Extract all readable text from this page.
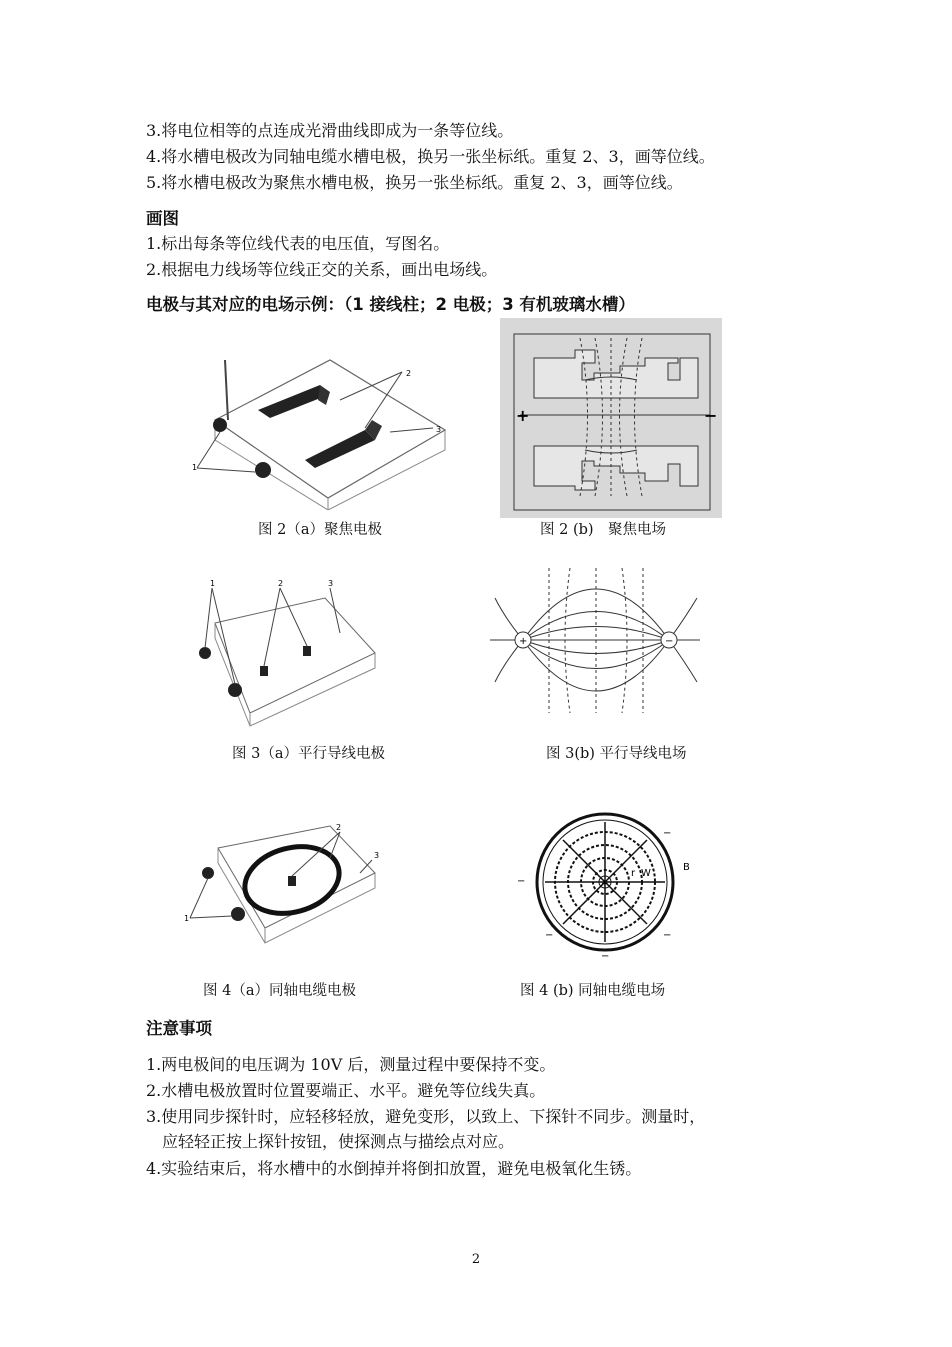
3.将电位相等的点连成光滑曲线即成为一条等位线。
4.将水槽电极改为同轴电缆水槽电极，换另一张坐标纸。重复 2、3，画等位线。
5.将水槽电极改为聚焦水槽电极，换另一张坐标纸。重复 2、3，画等位线。
画图
1.标出每条等位线代表的电压值，写图名。
2.根据电力线场等位线正交的关系，画出电场线。
电极与其对应的电场示例：（1 接线柱；2 电极；3 有机玻璃水槽）
1
2
3
图 2（a）聚焦电极
+	−
图 2 (b)　聚焦电场
1	2	3
图 3（a）平行导线电极
+	−
图 3(b) 平行导线电场
1
2
3
图 4（a）同轴电缆电极
+
r W
B
−
−
−
−
−
图 4 (b) 同轴电缆电场
注意事项
1.两电极间的电压调为 10V 后，测量过程中要保持不变。
2.水槽电极放置时位置要端正、水平。避免等位线失真。
3.使用同步探针时，应轻移轻放，避免变形，以致上、下探针不同步。测量时，
　应轻轻正按上探针按钮，使探测点与描绘点对应。
4.实验结束后，将水槽中的水倒掉并将倒扣放置，避免电极氧化生锈。
2
